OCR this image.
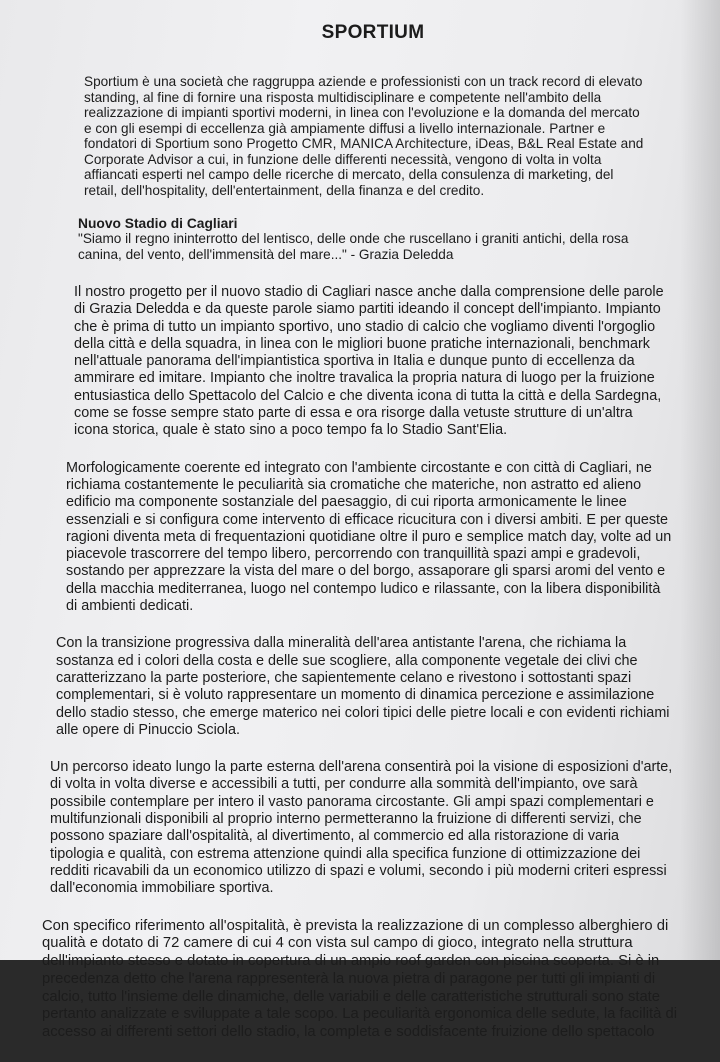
SPORTIUM

Sportium è una società che raggruppa aziende e professionisti con un track record di elevato standing, al fine di fornire una risposta multidisciplinare e competente nell'ambito della realizzazione di impianti sportivi moderni, in linea con l'evoluzione e la domanda del mercato e con gli esempi di eccellenza già ampiamente diffusi a livello internazionale. Partner e fondatori di Sportium sono Progetto CMR, MANICA Architecture, iDeas, B&L Real Estate and Corporate Advisor a cui, in funzione delle differenti necessità, vengono di volta in volta affiancati esperti nel campo delle ricerche di mercato, della consulenza di marketing, del retail, dell'hospitality, dell'entertainment, della finanza e del credito.

Nuovo Stadio di Cagliari

"Siamo il regno ininterrotto del lentisco, delle onde che ruscellano i graniti antichi, della rosa canina, del vento, dell'immensità del mare..." - Grazia Deledda

Il nostro progetto per il nuovo stadio di Cagliari nasce anche dalla comprensione delle parole di Grazia Deledda e da queste parole siamo partiti ideando il concept dell'impianto. Impianto che è prima di tutto un impianto sportivo, uno stadio di calcio che vogliamo diventi l'orgoglio della città e della squadra, in linea con le migliori buone pratiche internazionali, benchmark nell'attuale panorama dell'impiantistica sportiva in Italia e dunque punto di eccellenza da ammirare ed imitare. Impianto che inoltre travalica la propria natura di luogo per la fruizione entusiastica dello Spettacolo del Calcio e che diventa icona di tutta la città e della Sardegna, come se fosse sempre stato parte di essa e ora risorge dalla vetuste strutture di un'altra icona storica, quale è stato sino a poco tempo fa lo Stadio Sant'Elia.

Morfologicamente coerente ed integrato con l'ambiente circostante e con città di Cagliari, ne richiama costantemente le peculiarità sia cromatiche che materiche, non astratto ed alieno edificio ma componente sostanziale del paesaggio, di cui riporta armonicamente le linee essenziali e si configura come intervento di efficace ricucitura con i diversi ambiti. E per queste ragioni diventa meta di frequentazioni quotidiane oltre il puro e semplice match day, volte ad un piacevole trascorrere del tempo libero, percorrendo con tranquillità spazi ampi e gradevoli, sostando per apprezzare la vista del mare o del borgo, assaporare gli sparsi aromi del vento e della macchia mediterranea, luogo nel contempo ludico e rilassante, con la libera disponibilità di ambienti dedicati.

Con la transizione progressiva dalla mineralità dell'area antistante l'arena, che richiama la sostanza ed i colori della costa e delle sue scogliere, alla componente vegetale dei clivi che caratterizzano la parte posteriore, che sapientemente celano e rivestono i sottostanti spazi complementari, si è voluto rappresentare un momento di dinamica percezione e assimilazione dello stadio stesso, che emerge materico nei colori tipici delle pietre locali e con evidenti richiami alle opere di Pinuccio Sciola.

Un percorso ideato lungo la parte esterna dell'arena consentirà poi la visione di esposizioni d'arte, di volta in volta diverse e accessibili a tutti, per condurre alla sommità dell'impianto, ove sarà possibile contemplare per intero il vasto panorama circostante. Gli ampi spazi complementari e multifunzionali disponibili al proprio interno permetteranno la fruizione di differenti servizi, che possono spaziare dall'ospitalità, al divertimento, al commercio ed alla ristorazione di varia tipologia e qualità, con estrema attenzione quindi alla specifica funzione di ottimizzazione dei redditi ricavabili da un economico utilizzo di spazi e volumi, secondo i più moderni criteri espressi dall'economia immobiliare sportiva.

Con specifico riferimento all'ospitalità, è prevista la realizzazione di un complesso alberghiero di qualità e dotato di 72 camere di cui 4 con vista sul campo di gioco, integrato nella struttura dell'impianto stesso e dotato in copertura di un ampio roof garden con piscina scoperta. Si è in precedenza detto che l'arena rappresenterà la nuova pietra di paragone per tutti gli impianti di calcio, tutto l'insieme delle dinamiche, delle variabili e delle caratteristiche strutturali sono state pertanto analizzate e sviluppate a tale scopo. La peculiarità ergonomica delle sedute, la facilità di accesso ai differenti settori dello stadio, la completa e soddisfacente fruizione dello spettacolo
